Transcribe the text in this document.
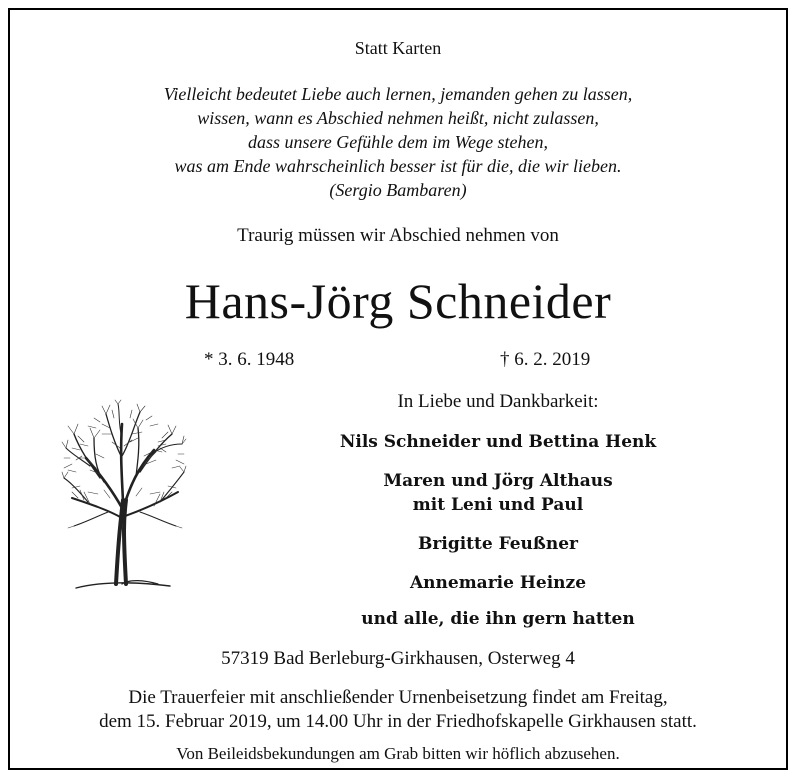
Statt Karten
Vielleicht bedeutet Liebe auch lernen, jemanden gehen zu lassen,
wissen, wann es Abschied nehmen heißt, nicht zulassen,
dass unsere Gefühle dem im Wege stehen,
was am Ende wahrscheinlich besser ist für die, die wir lieben.
(Sergio Bambaren)
Traurig müssen wir Abschied nehmen von
Hans-Jörg Schneider
* 3. 6. 1948	† 6. 2. 2019
In Liebe und Dankbarkeit:
Nils Schneider und Bettina Henk
Maren und Jörg Althaus
mit Leni und Paul
Brigitte Feußner
Annemarie Heinze
und alle, die ihn gern hatten
57319 Bad Berleburg-Girkhausen, Osterweg 4
Die Trauerfeier mit anschließender Urnenbeisetzung findet am Freitag,
dem 15. Februar 2019, um 14.00 Uhr in der Friedhofskapelle Girkhausen statt.
Von Beileidsbekundungen am Grab bitten wir höflich abzusehen.
